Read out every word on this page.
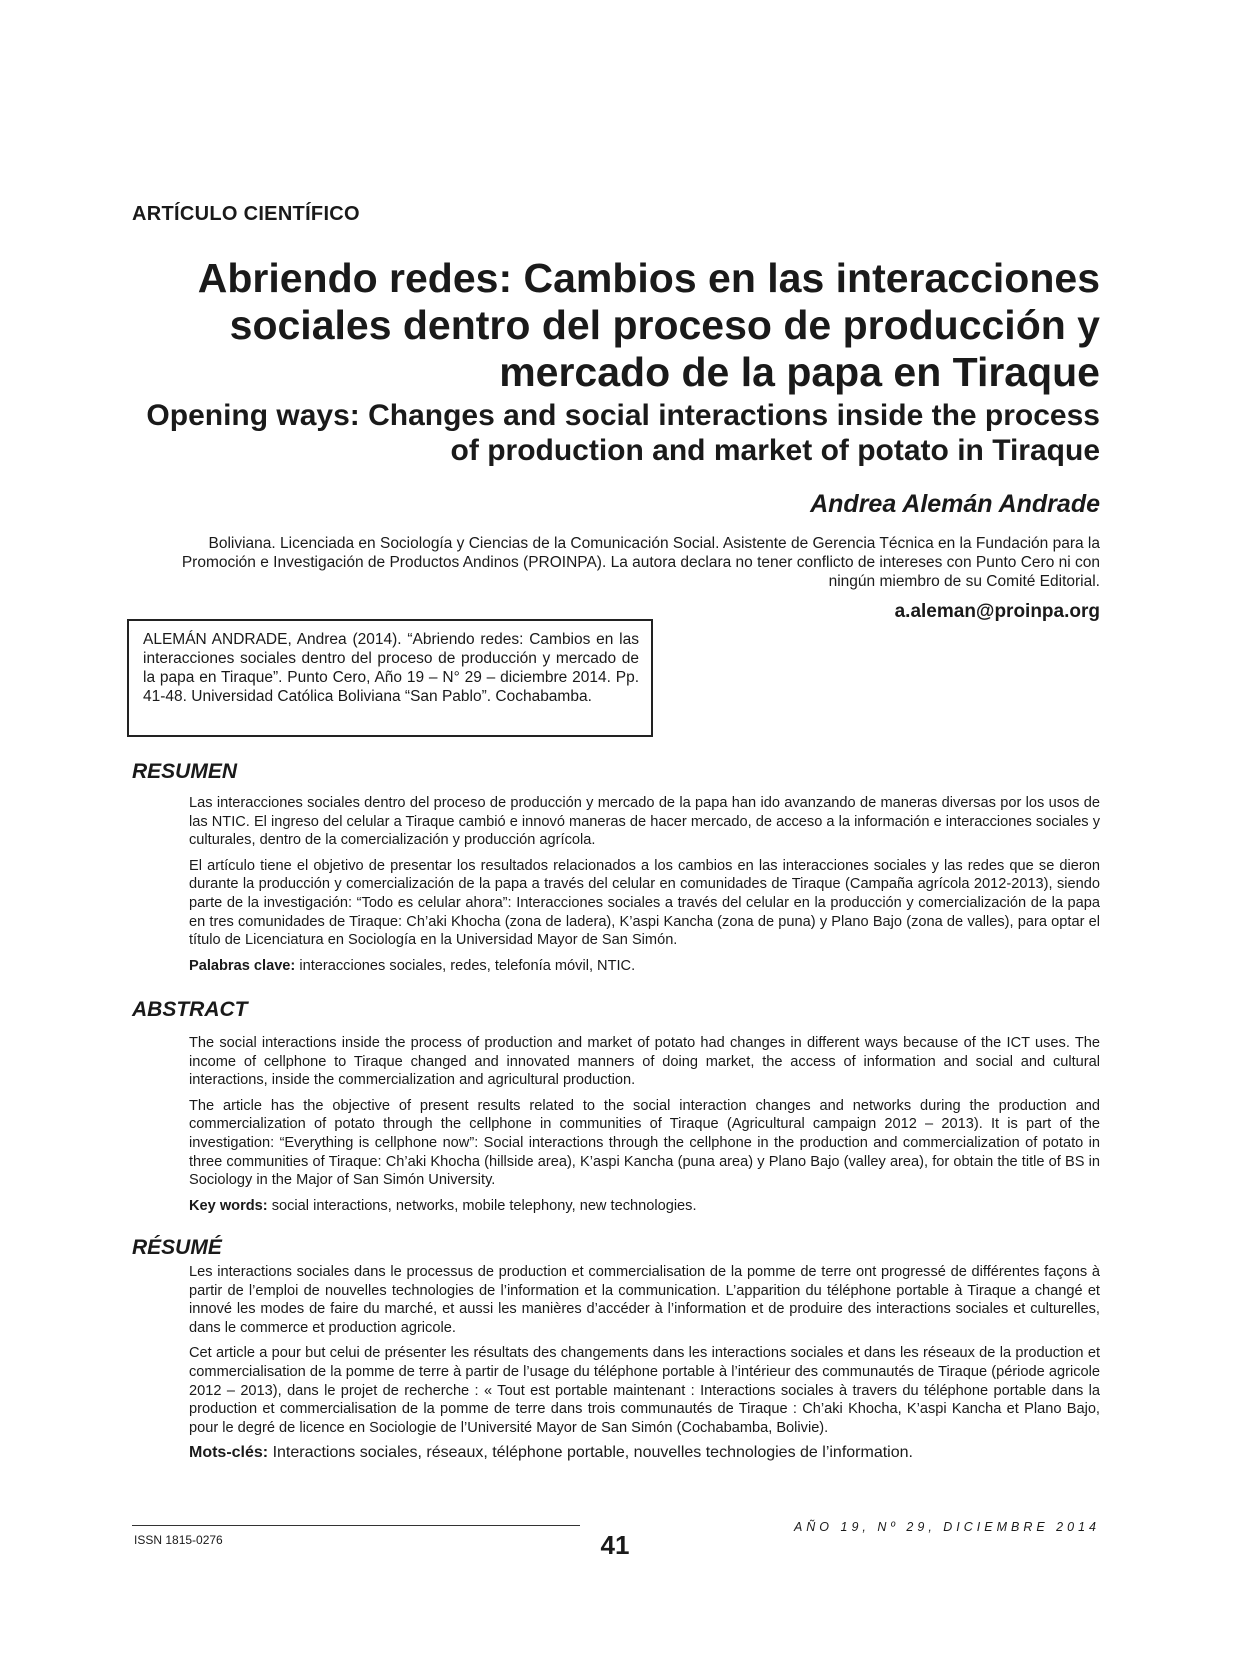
ARTÍCULO CIENTÍFICO
Abriendo redes: Cambios en las interacciones sociales dentro del proceso de producción y mercado de la papa en Tiraque
Opening ways: Changes and social interactions inside the process of production and market of potato in Tiraque
Andrea Alemán Andrade
Boliviana. Licenciada en Sociología y Ciencias de la Comunicación Social. Asistente de Gerencia Técnica en la Fundación para la Promoción e Investigación de Productos Andinos (PROINPA). La autora declara no tener conflicto de intereses con Punto Cero ni con ningún miembro de su Comité Editorial.
a.aleman@proinpa.org
ALEMÁN ANDRADE, Andrea (2014). “Abriendo redes: Cambios en las interacciones sociales dentro del proceso de producción y mercado de la papa en Tiraque”. Punto Cero, Año 19 – N° 29 – diciembre 2014. Pp. 41-48. Universidad Católica Boliviana “San Pablo”. Cochabamba.
RESUMEN

Las interacciones sociales dentro del proceso de producción y mercado de la papa han ido avanzando de maneras diversas por los usos de las NTIC. El ingreso del celular a Tiraque cambió e innovó maneras de hacer mercado, de acceso a la información e interacciones sociales y culturales, dentro de la comercialización y producción agrícola.

El artículo tiene el objetivo de presentar los resultados relacionados a los cambios en las interacciones sociales y las redes que se dieron durante la producción y comercialización de la papa a través del celular en comunidades de Tiraque (Campaña agrícola 2012-2013), siendo parte de la investigación: “Todo es celular ahora”: Interacciones sociales a través del celular en la producción y comercialización de la papa en tres comunidades de Tiraque: Ch’aki Khocha (zona de ladera), K’aspi Kancha (zona de puna) y Plano Bajo (zona de valles), para optar el título de Licenciatura en Sociología en la Universidad Mayor de San Simón.

Palabras clave: interacciones sociales, redes, telefonía móvil, NTIC.

ABSTRACT

The social interactions inside the process of production and market of potato had changes in different ways because of the ICT uses. The income of cellphone to Tiraque changed and innovated manners of doing market, the access of information and social and cultural interactions, inside the commercialization and agricultural production.

The article has the objective of present results related to the social interaction changes and networks during the production and commercialization of potato through the cellphone in communities of Tiraque (Agricultural campaign 2012 – 2013). It is part of the investigation: “Everything is cellphone now”: Social interactions through the cellphone in the production and commercialization of potato in three communities of Tiraque: Ch’aki Khocha (hillside area), K’aspi Kancha (puna area) y Plano Bajo (valley area), for obtain the title of BS in Sociology in the Major of San Simón University.

Key words: social interactions, networks, mobile telephony, new technologies.

RÉSUMÉ

Les interactions sociales dans le processus de production et commercialisation de la pomme de terre ont progressé de différentes façons à partir de l’emploi de nouvelles technologies de l’information et la communication. L’apparition du téléphone portable à Tiraque a changé et innové les modes de faire du marché, et aussi les manières d’accéder à l’information et de produire des interactions sociales et culturelles, dans le commerce et production agricole.

Cet article a pour but celui de présenter les résultats des changements dans les interactions sociales et dans les réseaux de la production et commercialisation de la pomme de terre à partir de l’usage du téléphone portable à l’intérieur des communautés de Tiraque (période agricole 2012 – 2013), dans le projet de recherche : « Tout est portable maintenant : Interactions sociales à travers du téléphone portable dans la production et commercialisation de la pomme de terre dans trois communautés de Tiraque : Ch’aki Khocha, K’aspi Kancha et Plano Bajo, pour le degré de licence en Sociologie de l’Université Mayor de San Simón (Cochabamba, Bolivie).

Mots-clés: Interactions sociales, réseaux, téléphone portable, nouvelles technologies de l’information.

ISSN 1815-0276	41
AÑO 19, Nº 29, DICIEMBRE 2014
